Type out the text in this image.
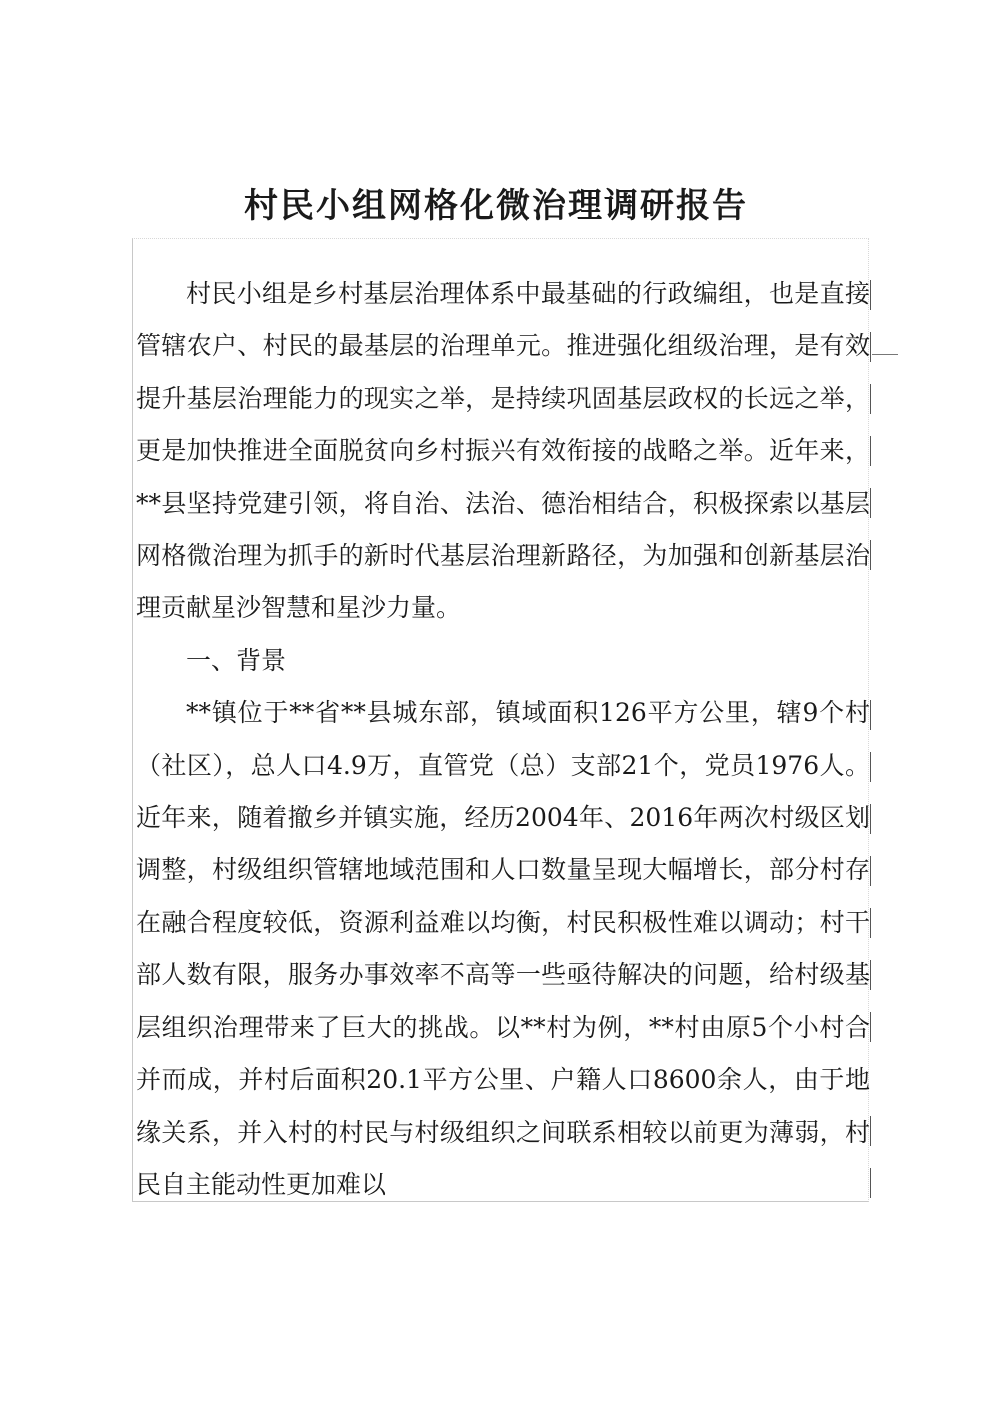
村民小组网格化微治理调研报告

村民小组是乡村基层治理体系中最基础的行政编组，也是直接管辖农户、村民的最基层的治理单元。推进强化组级治理，是有效提升基层治理能力的现实之举，是持续巩固基层政权的长远之举，更是加快推进全面脱贫向乡村振兴有效衔接的战略之举。近年来，**县坚持党建引领，将自治、法治、德治相结合，积极探索以基层网格微治理为抓手的新时代基层治理新路径，为加强和创新基层治理贡献星沙智慧和星沙力量。

一、背景

**镇位于**省**县城东部，镇域面积126平方公里，辖9个村（社区），总人口4.9万，直管党（总）支部21个，党员1976人。近年来，随着撤乡并镇实施，经历2004年、2016年两次村级区划调整，村级组织管辖地域范围和人口数量呈现大幅增长，部分村存在融合程度较低，资源利益难以均衡，村民积极性难以调动；村干部人数有限，服务办事效率不高等一些亟待解决的问题，给村级基层组织治理带来了巨大的挑战。以**村为例，**村由原5个小村合并而成，并村后面积20.1平方公里、户籍人口8600余人，由于地缘关系，并入村的村民与村级组织之间联系相较以前更为薄弱，村民自主能动性更加难以
